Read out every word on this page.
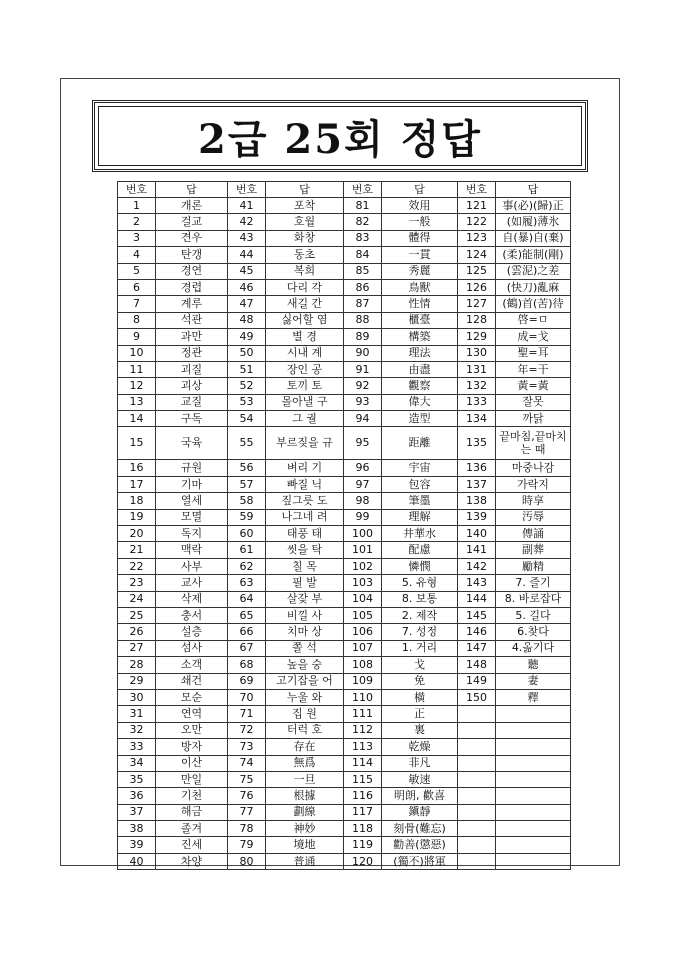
2급 25회 정답
번호	답	번호	답	번호	답	번호	답
1	개론	41	포착	81	效用	121	事(必)(歸)正
2	걸교	42	호월	82	一般	122	(如履)薄氷
3	견우	43	화창	83	體得	123	自(暴)自(棄)
4	탄갱	44	동초	84	一貫	124	(柔)能制(剛)
5	경연	45	복희	85	秀麗	125	(雲泥)之差
6	경렵	46	다리 각	86	鳥獸	126	(快刀)亂麻
7	계루	47	새길 간	87	性情	127	(鶴)首(苦)待
8	석관	48	싫어할 염	88	櫃臺	128	啓=ㅁ
9	과만	49	별 경	89	構築	129	成=戈
10	정관	50	시내 계	90	理法	130	聖=耳
11	괴질	51	장인 공	91	由盡	131	年=干
12	괴상	52	토끼 토	92	觀察	132	黃=黃
13	교질	53	몰아낼 구	93	偉大	133	잘못
14	구독	54	그 궐	94	造型	134	까닭
15	국육	55	부르짖을 규	95	距離	135	끝마침,끝마치는 때
16	규원	56	벼리 기	96	宇宙	136	마중나감
17	기마	57	빠질 닉	97	包容	137	가락지
18	열세	58	짚그릇 도	98	筆墨	138	時享
19	모멸	59	나그네 려	99	理解	139	汚辱
20	독지	60	태풍 태	100	井華水	140	傳誦
21	맥락	61	씻을 탁	101	配慮	141	副葬
22	사부	62	칠 목	102	憐憫	142	勵精
23	교사	63	필 발	103	5. 유형	143	7. 즐기
24	삭제	64	살갗 부	104	8. 보통	144	8. 바로잡다
25	충서	65	비낄 사	105	2. 제작	145	5. 길다
26	설층	66	치마 상	106	7. 성정	146	6.찾다
27	섬사	67	쫄 석	107	1. 거리	147	4.옮기다
28	소객	68	높을 숭	108	戈	148	聽
29	쇄건	69	고기잡을 어	109	免	149	妻
30	모순	70	누울 와	110	橫	150	釋
31	연역	71	집 원	111	正		
32	오만	72	터럭 호	112	裏		
33	방자	73	存在	113	乾燥		
34	이산	74	無爲	114	非凡		
35	만일	75	一旦	115	敏速		
36	기천	76	根據	116	明朗, 歡喜		
37	해금	77	劃線	117	鎭靜		
38	졸겨	78	神妙	118	刻骨(難忘)		
39	진세	79	境地	119	勸善(懲惡)		
40	차양	80	普通	120	(獨不)將軍		
